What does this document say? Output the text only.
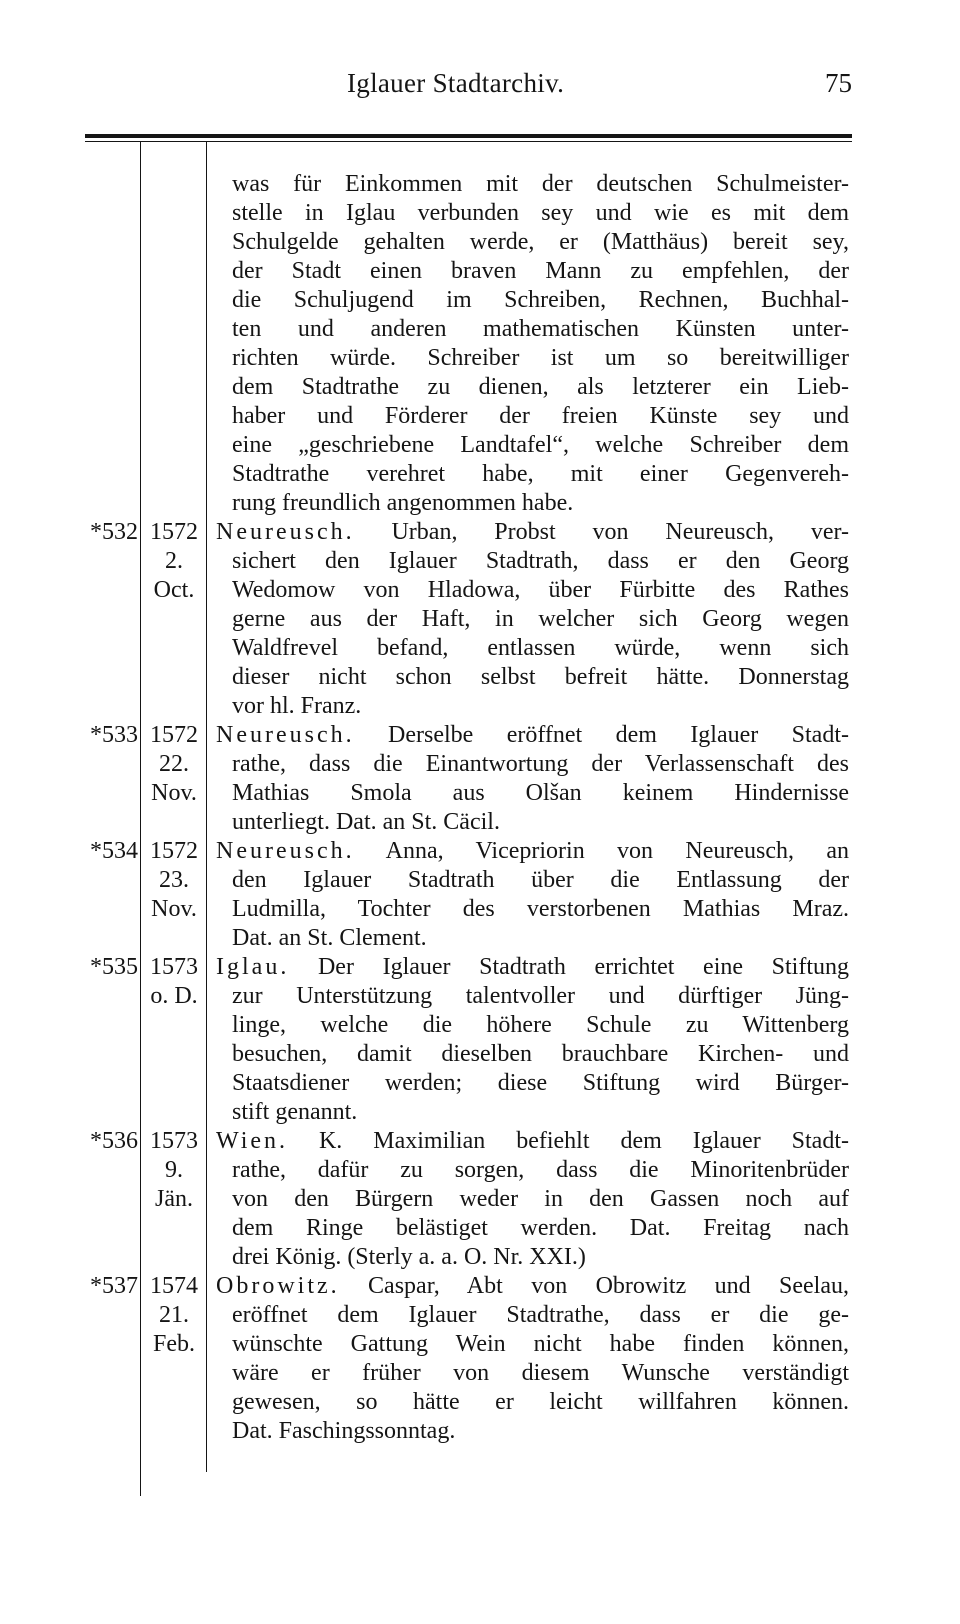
Iglauer Stadtarchiv.	75
was für Einkommen mit der deutschen Schulmeister-
stelle in Iglau verbunden sey und wie es mit dem
Schulgelde gehalten werde, er (Matthäus) bereit sey,
der Stadt einen braven Mann zu empfehlen, der
die Schuljugend im Schreiben, Rechnen, Buchhal-
ten und anderen mathematischen Künsten unter-
richten würde. Schreiber ist um so bereitwilliger
dem Stadtrathe zu dienen, als letzterer ein Lieb-
haber und Förderer der freien Künste sey und
eine „geschriebene Landtafel“, welche Schreiber dem
Stadtrathe verehret habe, mit einer Gegenvereh-
rung freundlich angenommen habe.
*532 1572
2.
Oct.
Neureusch. Urban, Probst von Neureusch, ver-
sichert den Iglauer Stadtrath, dass er den Georg
Wedomow von Hladowa, über Fürbitte des Rathes
gerne aus der Haft, in welcher sich Georg wegen
Waldfrevel befand, entlassen würde, wenn sich
dieser nicht schon selbst befreit hätte. Donnerstag
vor hl. Franz.
*533 1572
22.
Nov.
Neureusch. Derselbe eröffnet dem Iglauer Stadt-
rathe, dass die Einantwortung der Verlassenschaft des
Mathias Smola aus Olšan keinem Hindernisse
unterliegt. Dat. an St. Cäcil.
*534 1572
23.
Nov.
Neureusch. Anna, Vicepriorin von Neureusch, an
den Iglauer Stadtrath über die Entlassung der
Ludmilla, Tochter des verstorbenen Mathias Mraz.
Dat. an St. Clement.
*535 1573
o. D.
Iglau. Der Iglauer Stadtrath errichtet eine Stiftung
zur Unterstützung talentvoller und dürftiger Jüng-
linge, welche die höhere Schule zu Wittenberg
besuchen, damit dieselben brauchbare Kirchen- und
Staatsdiener werden; diese Stiftung wird Bürger-
stift genannt.
*536 1573
9.
Jän.
Wien. K. Maximilian befiehlt dem Iglauer Stadt-
rathe, dafür zu sorgen, dass die Minoritenbrüder
von den Bürgern weder in den Gassen noch auf
dem Ringe belästiget werden. Dat. Freitag nach
drei König. (Sterly a. a. O. Nr. XXI.)
*537 1574
21.
Feb.
Obrowitz. Caspar, Abt von Obrowitz und Seelau,
eröffnet dem Iglauer Stadtrathe, dass er die ge-
wünschte Gattung Wein nicht habe finden können,
wäre er früher von diesem Wunsche verständigt
gewesen, so hätte er leicht willfahren können.
Dat. Faschingssonntag.
